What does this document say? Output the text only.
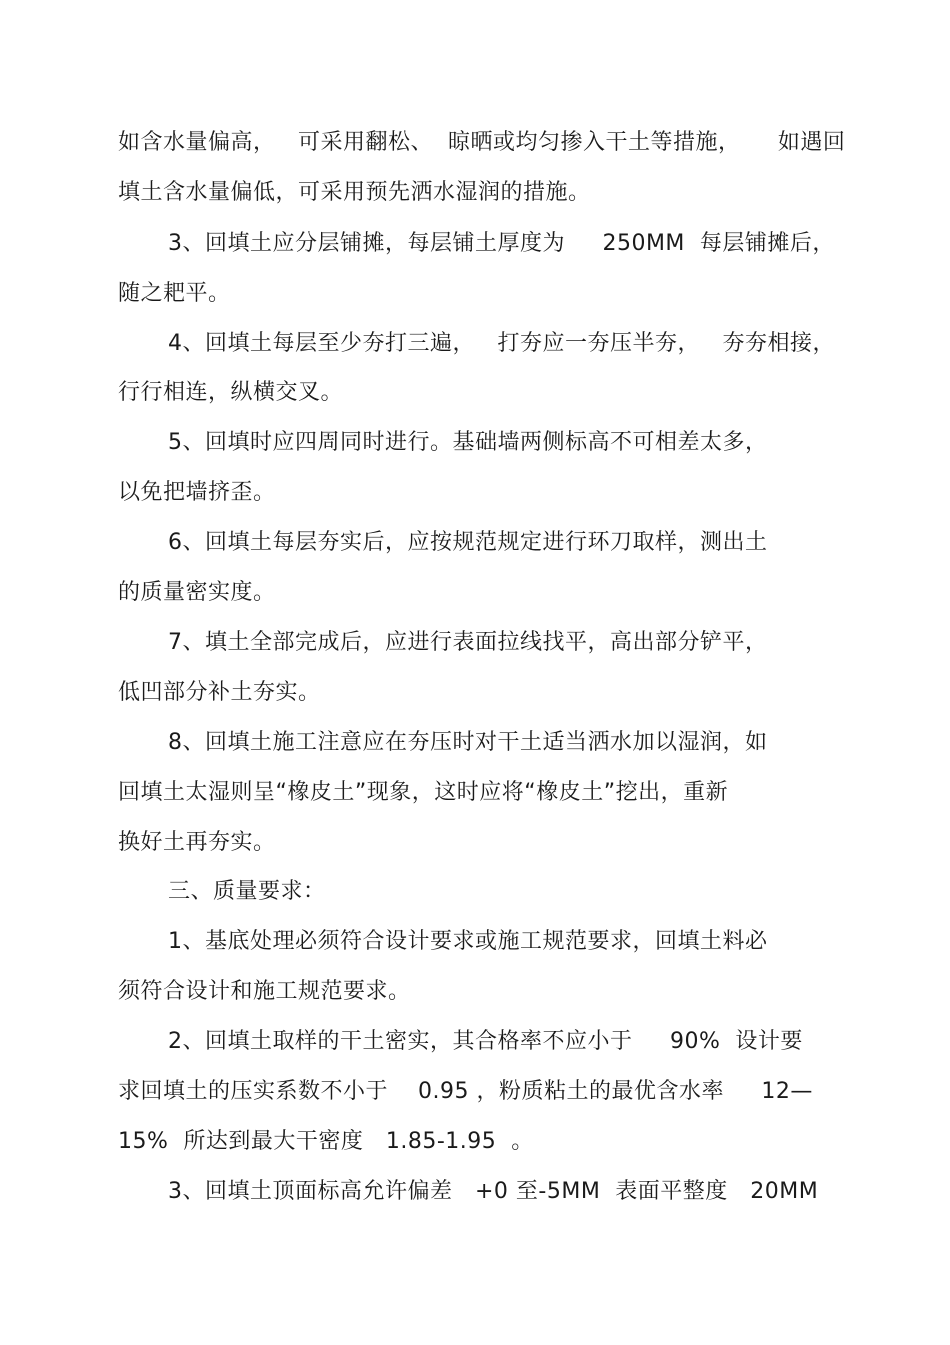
如含水量偏高，   可采用翻松、  晾晒或均匀掺入干土等措施，     如遇回
填土含水量偏低，可采用预先洒水湿润的措施。
3、回填土应分层铺摊，每层铺土厚度为     250MM  每层铺摊后，
随之耙平。
4、回填土每层至少夯打三遍，   打夯应一夯压半夯，   夯夯相接，
行行相连，纵横交叉。
5、回填时应四周同时进行。基础墙两侧标高不可相差太多，
以免把墙挤歪。
6、回填土每层夯实后，应按规范规定进行环刀取样，测出土
的质量密实度。
7、填土全部完成后，应进行表面拉线找平，高出部分铲平，
低凹部分补土夯实。
8、回填土施工注意应在夯压时对干土适当洒水加以湿润，如
回填土太湿则呈“橡皮土”现象，这时应将“橡皮土”挖出，重新
换好土再夯实。
三、质量要求：
1、基底处理必须符合设计要求或施工规范要求，回填土料必
须符合设计和施工规范要求。
2、回填土取样的干土密实，其合格率不应小于     90%  设计要
求回填土的压实系数不小于    0.95 ，粉质粘土的最优含水率     12—
15%  所达到最大干密度   1.85-1.95  。
3、回填土顶面标高允许偏差   +0 至-5MM  表面平整度   20MM
